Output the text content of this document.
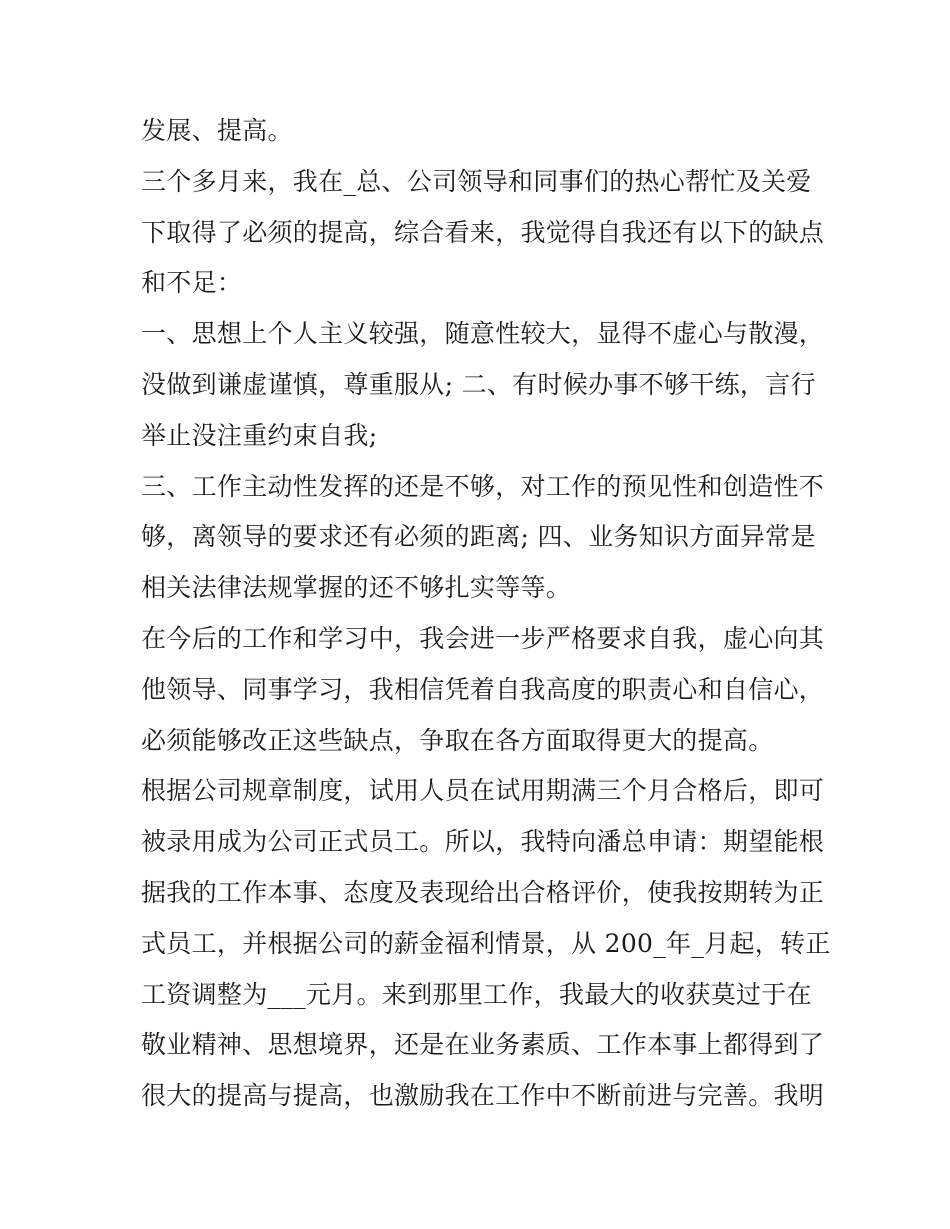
发展、提高。
三个多月来，我在_总、公司领导和同事们的热心帮忙及关爱
下取得了必须的提高，综合看来，我觉得自我还有以下的缺点
和不足：
一、思想上个人主义较强，随意性较大，显得不虚心与散漫，
没做到谦虚谨慎，尊重服从; 二、有时候办事不够干练，言行
举止没注重约束自我;
三、工作主动性发挥的还是不够，对工作的预见性和创造性不
够，离领导的要求还有必须的距离; 四、业务知识方面异常是
相关法律法规掌握的还不够扎实等等。
在今后的工作和学习中，我会进一步严格要求自我，虚心向其
他领导、同事学习，我相信凭着自我高度的职责心和自信心，
必须能够改正这些缺点，争取在各方面取得更大的提高。
根据公司规章制度，试用人员在试用期满三个月合格后，即可
被录用成为公司正式员工。所以，我特向潘总申请：期望能根
据我的工作本事、态度及表现给出合格评价，使我按期转为正
式员工，并根据公司的薪金福利情景，从 200_年_月起，转正
工资调整为___元月。来到那里工作，我最大的收获莫过于在
敬业精神、思想境界，还是在业务素质、工作本事上都得到了
很大的提高与提高，也激励我在工作中不断前进与完善。我明
